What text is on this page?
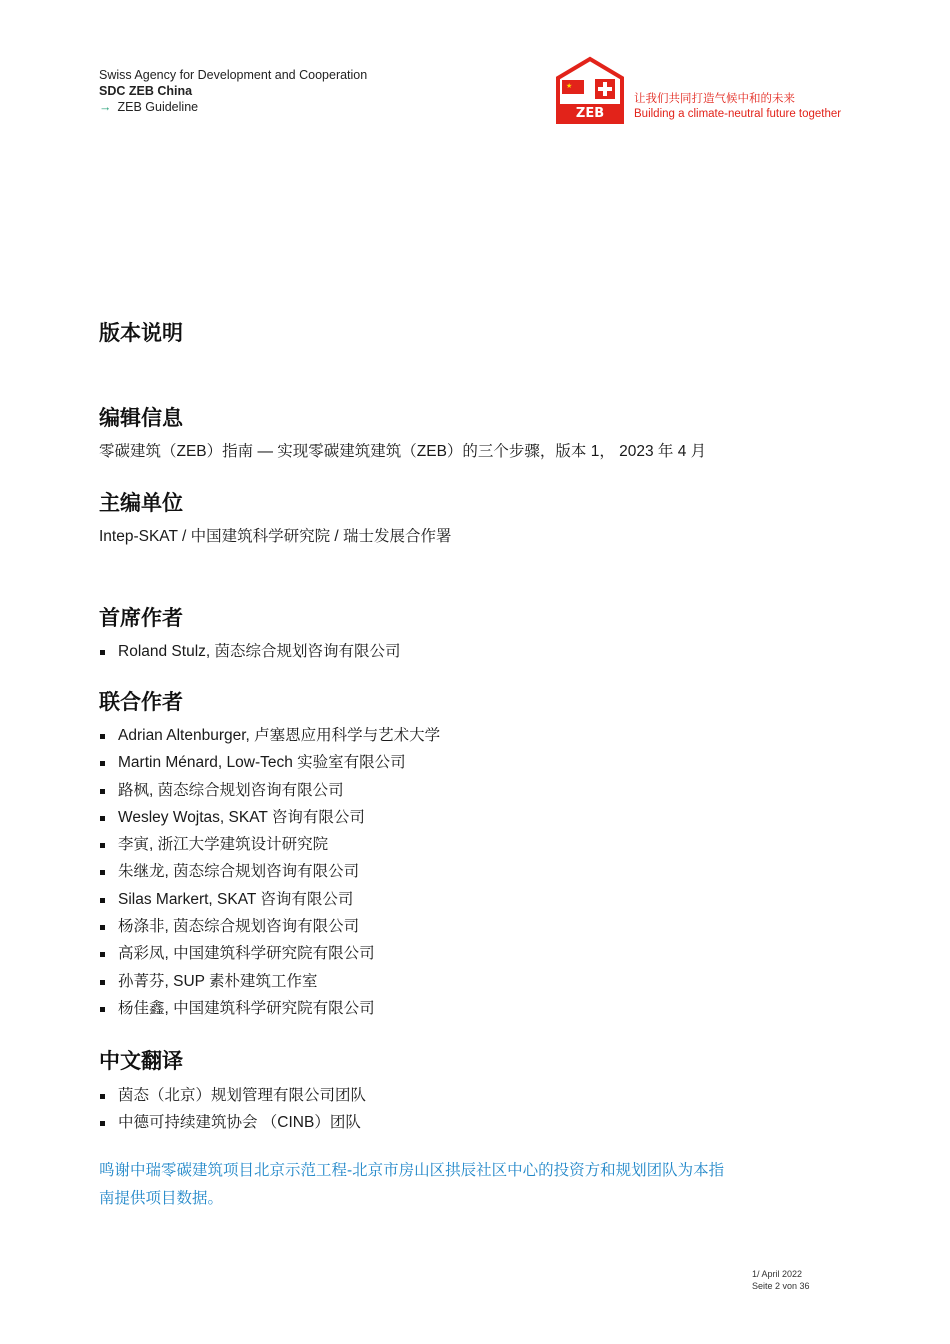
Swiss Agency for Development and Cooperation
SDC ZEB China
→ ZEB Guideline
★
ZEB
让我们共同打造气候中和的未来
Building a climate-neutral future together
版本说明
编辑信息
零碳建筑（ZEB）指南 — 实现零碳建筑建筑（ZEB）的三个步骤，版本 1， 2023 年 4 月
主编单位
Intep-SKAT / 中国建筑科学研究院 / 瑞士发展合作署
首席作者
Roland Stulz, 茵态综合规划咨询有限公司
联合作者
Adrian Altenburger, 卢塞恩应用科学与艺术大学
Martin Ménard, Low-Tech 实验室有限公司
路枫, 茵态综合规划咨询有限公司
Wesley Wojtas, SKAT 咨询有限公司
李寅, 浙江大学建筑设计研究院
朱继龙, 茵态综合规划咨询有限公司
Silas Markert, SKAT 咨询有限公司
杨涤非, 茵态综合规划咨询有限公司
高彩凤, 中国建筑科学研究院有限公司
孙菁芬, SUP 素朴建筑工作室
杨佳鑫, 中国建筑科学研究院有限公司
中文翻译
茵态（北京）规划管理有限公司团队
中德可持续建筑协会 （CINB）团队
鸣谢中瑞零碳建筑项目北京示范工程-北京市房山区拱辰社区中心的投资方和规划团队为本指南提供项目数据。
1/ April 2022
Seite 2 von 36
